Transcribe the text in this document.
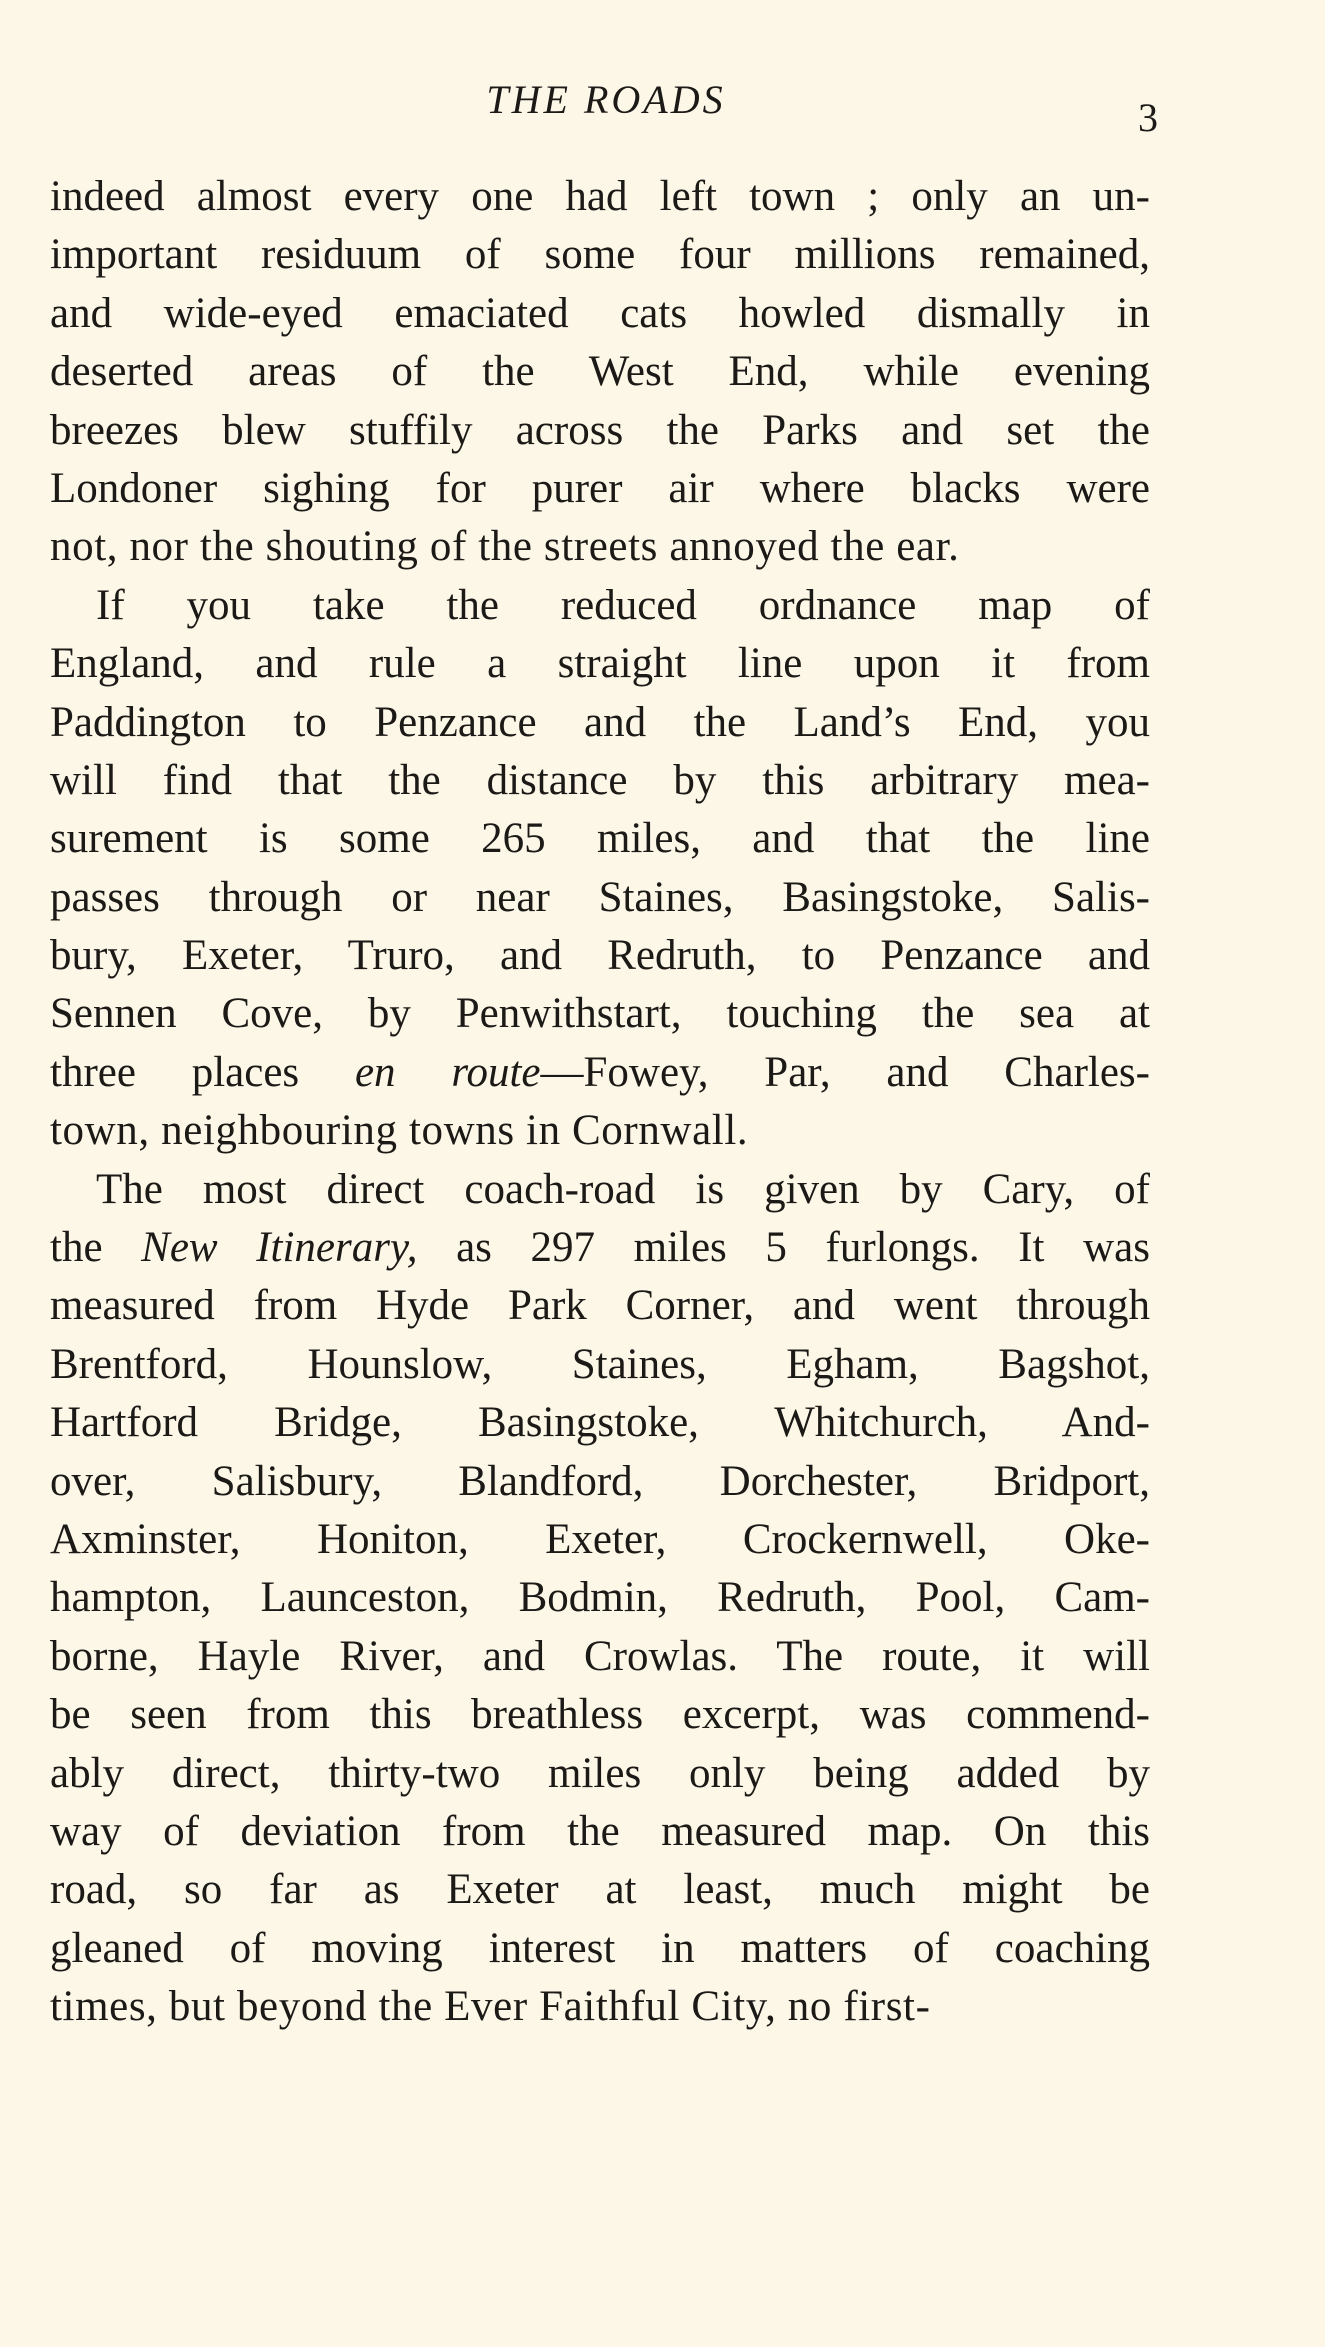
THE ROADS	3
indeed almost every one had left town ; only an un-
important residuum of some four millions remained,
and wide-eyed emaciated cats howled dismally in
deserted areas of the West End, while evening
breezes blew stuffily across the Parks and set the
Londoner sighing for purer air where blacks were
not, nor the shouting of the streets annoyed the ear.
If you take the reduced ordnance map of
England, and rule a straight line upon it from
Paddington to Penzance and the Land’s End, you
will find that the distance by this arbitrary mea-
surement is some 265 miles, and that the line
passes through or near Staines, Basingstoke, Salis-
bury, Exeter, Truro, and Redruth, to Penzance and
Sennen Cove, by Penwithstart, touching the sea at
three places en route—Fowey, Par, and Charles-
town, neighbouring towns in Cornwall.
The most direct coach-road is given by Cary, of
the New Itinerary, as 297 miles 5 furlongs. It was
measured from Hyde Park Corner, and went through
Brentford, Hounslow, Staines, Egham, Bagshot,
Hartford Bridge, Basingstoke, Whitchurch, And-
over, Salisbury, Blandford, Dorchester, Bridport,
Axminster, Honiton, Exeter, Crockernwell, Oke-
hampton, Launceston, Bodmin, Redruth, Pool, Cam-
borne, Hayle River, and Crowlas. The route, it will
be seen from this breathless excerpt, was commend-
ably direct, thirty-two miles only being added by
way of deviation from the measured map. On this
road, so far as Exeter at least, much might be
gleaned of moving interest in matters of coaching
times, but beyond the Ever Faithful City, no first-
